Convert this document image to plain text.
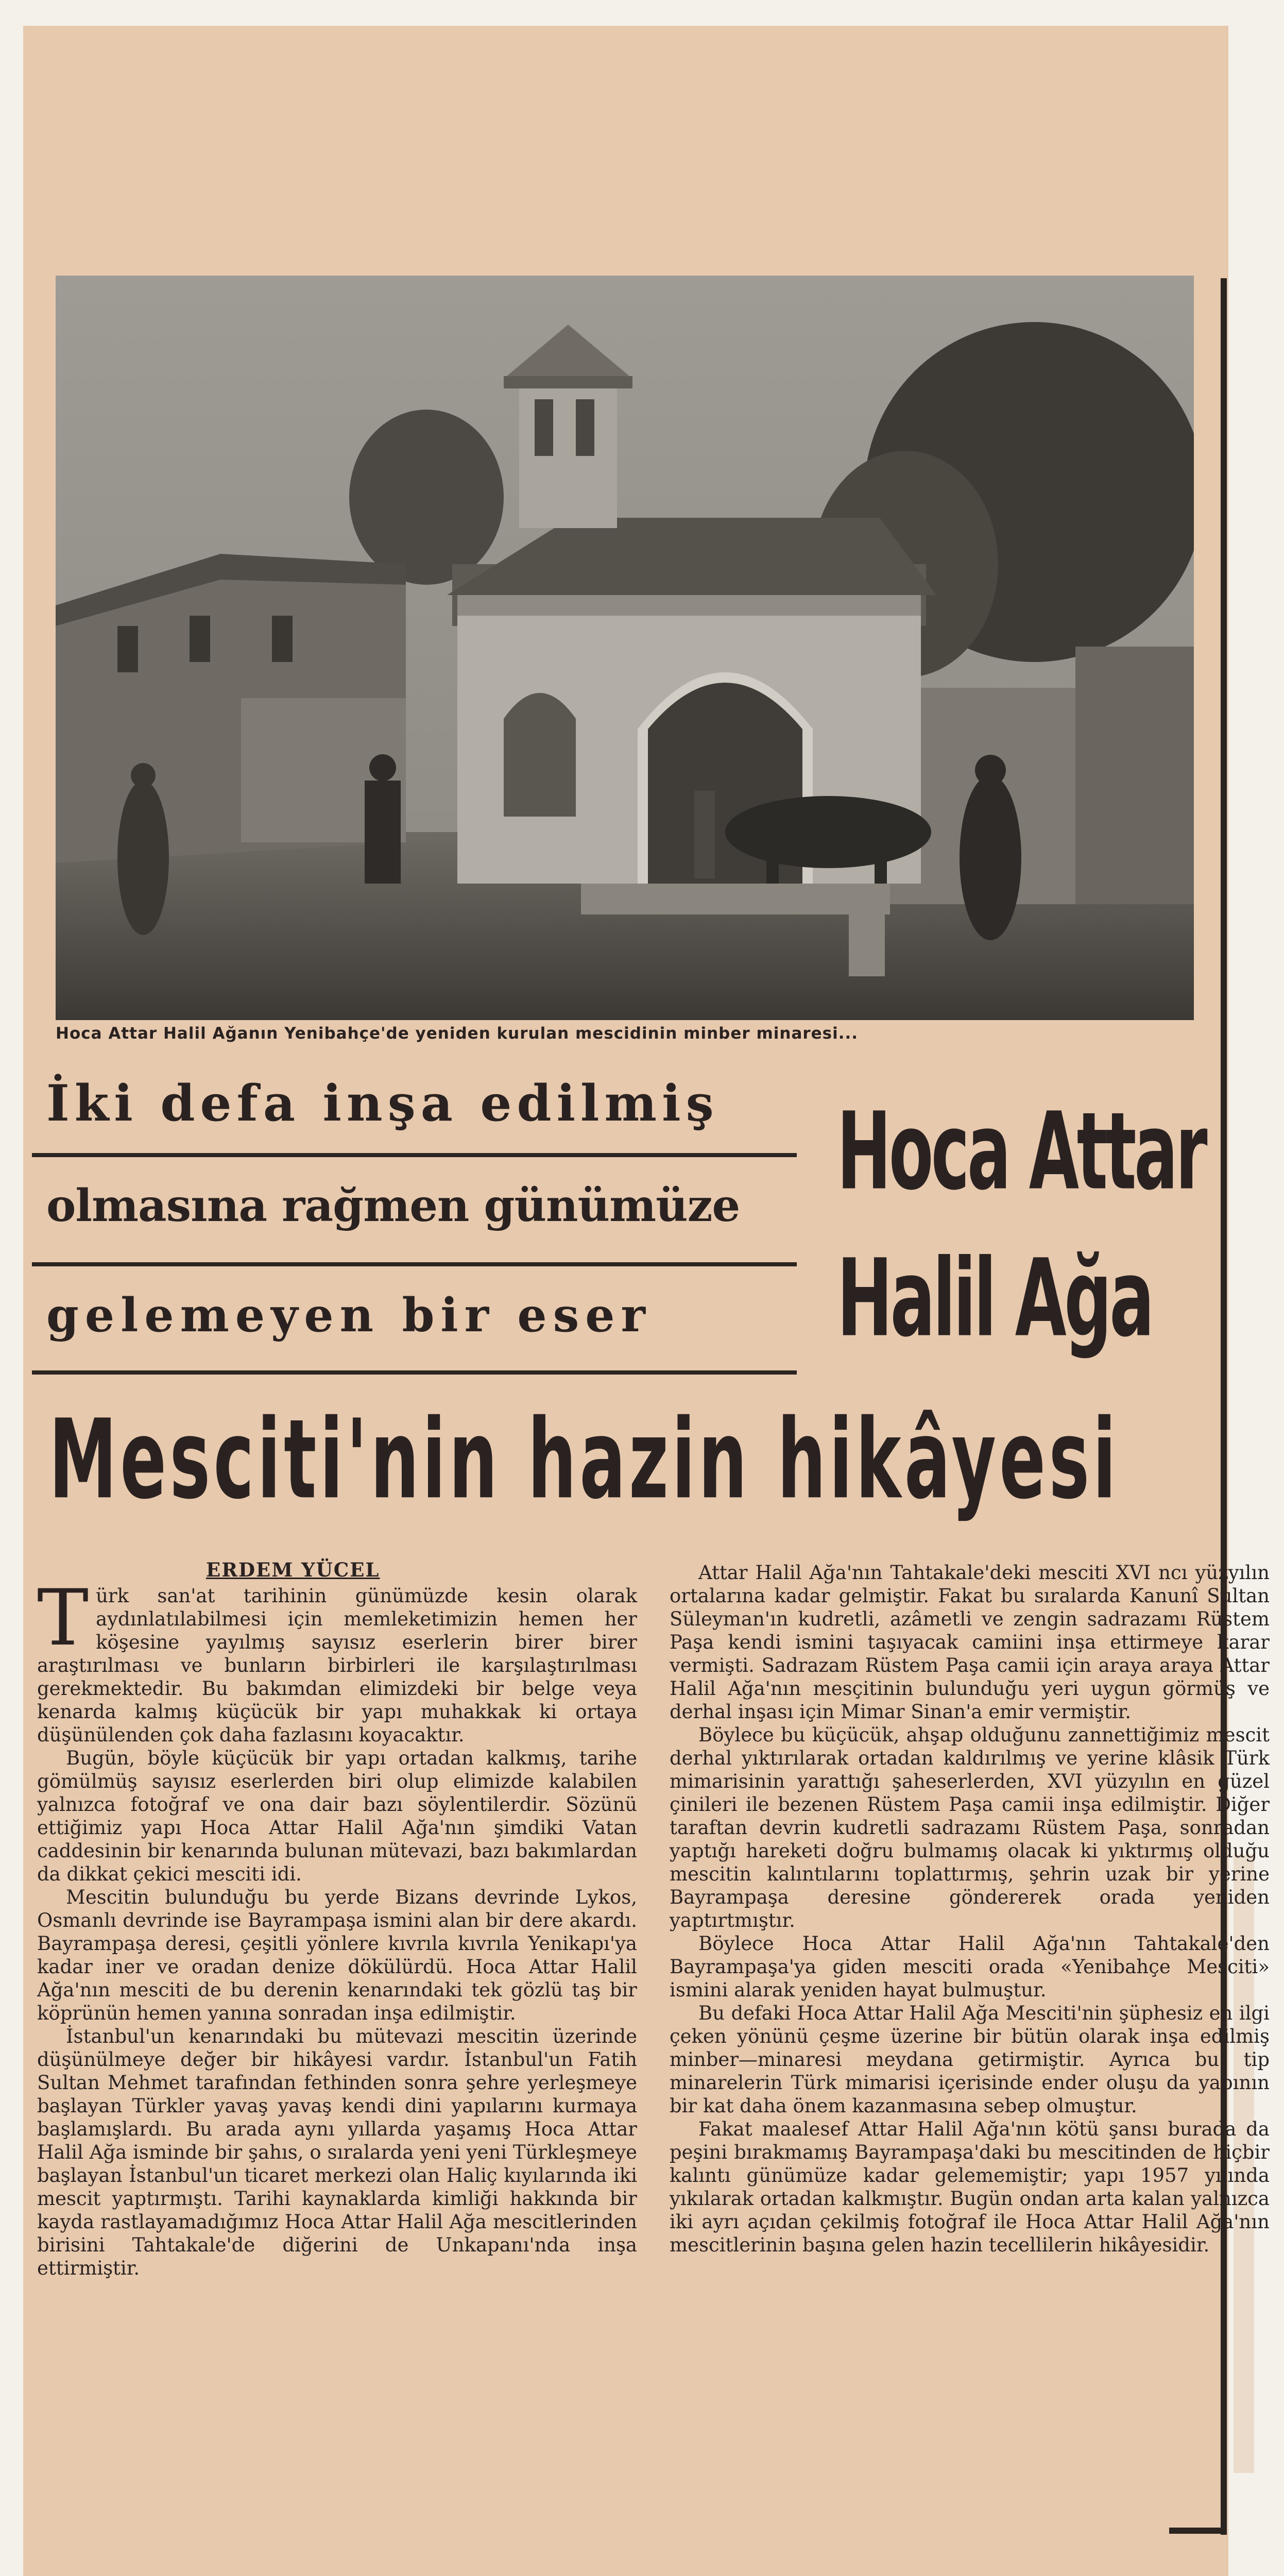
Hoca Attar Halil Ağanın Yenibahçe'de yeniden kurulan mescidinin minber minaresi...
İki defa inşa edilmiş
olmasına rağmen günümüze
gelemeyen bir eser
Hoca Attar
Halil Ağa
Mesciti'nin hazin hikâyesi
ERDEM YÜCEL

Türk san'at tarihinin günümüzde kesin olarak aydınlatılabilmesi için memleketimizin hemen her köşesine yayılmış sayısız eserlerin birer birer araştırılması ve bunların birbirleri ile karşılaştırılması gerekmektedir. Bu bakımdan elimizdeki bir belge veya kenarda kalmış küçücük bir yapı muhakkak ki ortaya düşünülenden çok daha fazlasını koyacaktır.

Bugün, böyle küçücük bir yapı ortadan kalkmış, tarihe gömülmüş sayısız eserlerden biri olup elimizde kalabilen yalnızca fotoğraf ve ona dair bazı söylentilerdir. Sözünü ettiğimiz yapı Hoca Attar Halil Ağa'nın şimdiki Vatan caddesinin bir kenarında bulunan mütevazi, bazı bakımlardan da dikkat çekici mesciti idi.

Mescitin bulunduğu bu yerde Bizans devrinde Lykos, Osmanlı devrinde ise Bayrampaşa ismini alan bir dere akardı. Bayrampaşa deresi, çeşitli yönlere kıvrıla kıvrıla Yenikapı'ya kadar iner ve oradan denize dökülürdü. Hoca Attar Halil Ağa'nın mesciti de bu derenin kenarındaki tek gözlü taş bir köprünün hemen yanına sonradan inşa edilmiştir.

İstanbul'un kenarındaki bu mütevazi mescitin üzerinde düşünülmeye değer bir hikâyesi vardır. İstanbul'un Fatih Sultan Mehmet tarafından fethinden sonra şehre yerleşmeye başlayan Türkler yavaş yavaş kendi dini yapılarını kurmaya başlamışlardı. Bu arada aynı yıllarda yaşamış Hoca Attar Halil Ağa isminde bir şahıs, o sıralarda yeni yeni Türkleşmeye başlayan İstanbul'un ticaret merkezi olan Haliç kıyılarında iki mescit yaptırmıştı. Tarihi kaynaklarda kimliği hakkında bir kayda rastlayamadığımız Hoca Attar Halil Ağa mescitlerinden birisini Tahtakale'de diğerini de Unkapanı'nda inşa ettirmiştir.

Attar Halil Ağa'nın Tahtakale'deki mesciti XVI ncı yüzyılın ortalarına kadar gelmiştir. Fakat bu sıralarda Kanunî Sultan Süleyman'ın kudretli, azâmetli ve zengin sadrazamı Rüstem Paşa kendi ismini taşıyacak camiini inşa ettirmeye karar vermişti. Sadrazam Rüstem Paşa camii için araya araya Attar Halil Ağa'nın mesçitinin bulunduğu yeri uygun görmüş ve derhal inşası için Mimar Sinan'a emir vermiştir.

Böylece bu küçücük, ahşap olduğunu zannettiğimiz mescit derhal yıktırılarak ortadan kaldırılmış ve yerine klâsik Türk mimarisinin yarattığı şaheserlerden, XVI yüzyılın en güzel çinileri ile bezenen Rüstem Paşa camii inşa edilmiştir. Diğer taraftan devrin kudretli sadrazamı Rüstem Paşa, sonradan yaptığı hareketi doğru bulmamış olacak ki yıktırmış olduğu mescitin kalıntılarını toplattırmış, şehrin uzak bir yerine Bayrampaşa deresine göndererek orada yeniden yaptırtmıştır.

Böylece Hoca Attar Halil Ağa'nın Tahtakale'den Bayrampaşa'ya giden mesciti orada «Yenibahçe Mesciti» ismini alarak yeniden hayat bulmuştur.

Bu defaki Hoca Attar Halil Ağa Mesciti'nin şüphesiz en ilgi çeken yönünü çeşme üzerine bir bütün olarak inşa edilmiş minber—minaresi meydana getirmiştir. Ayrıca bu tip minarelerin Türk mimarisi içerisinde ender oluşu da yapının bir kat daha önem kazanmasına sebep olmuştur.

Fakat maalesef Attar Halil Ağa'nın kötü şansı burada da peşini bırakmamış Bayrampaşa'daki bu mescitinden de hiçbir kalıntı günümüze kadar gelememiştir; yapı 1957 yılında yıkılarak ortadan kalkmıştır. Bugün ondan arta kalan yalnızca iki ayrı açıdan çekilmiş fotoğraf ile Hoca Attar Halil Ağa'nın mescitlerinin başına gelen hazin tecellilerin hikâyesidir.
